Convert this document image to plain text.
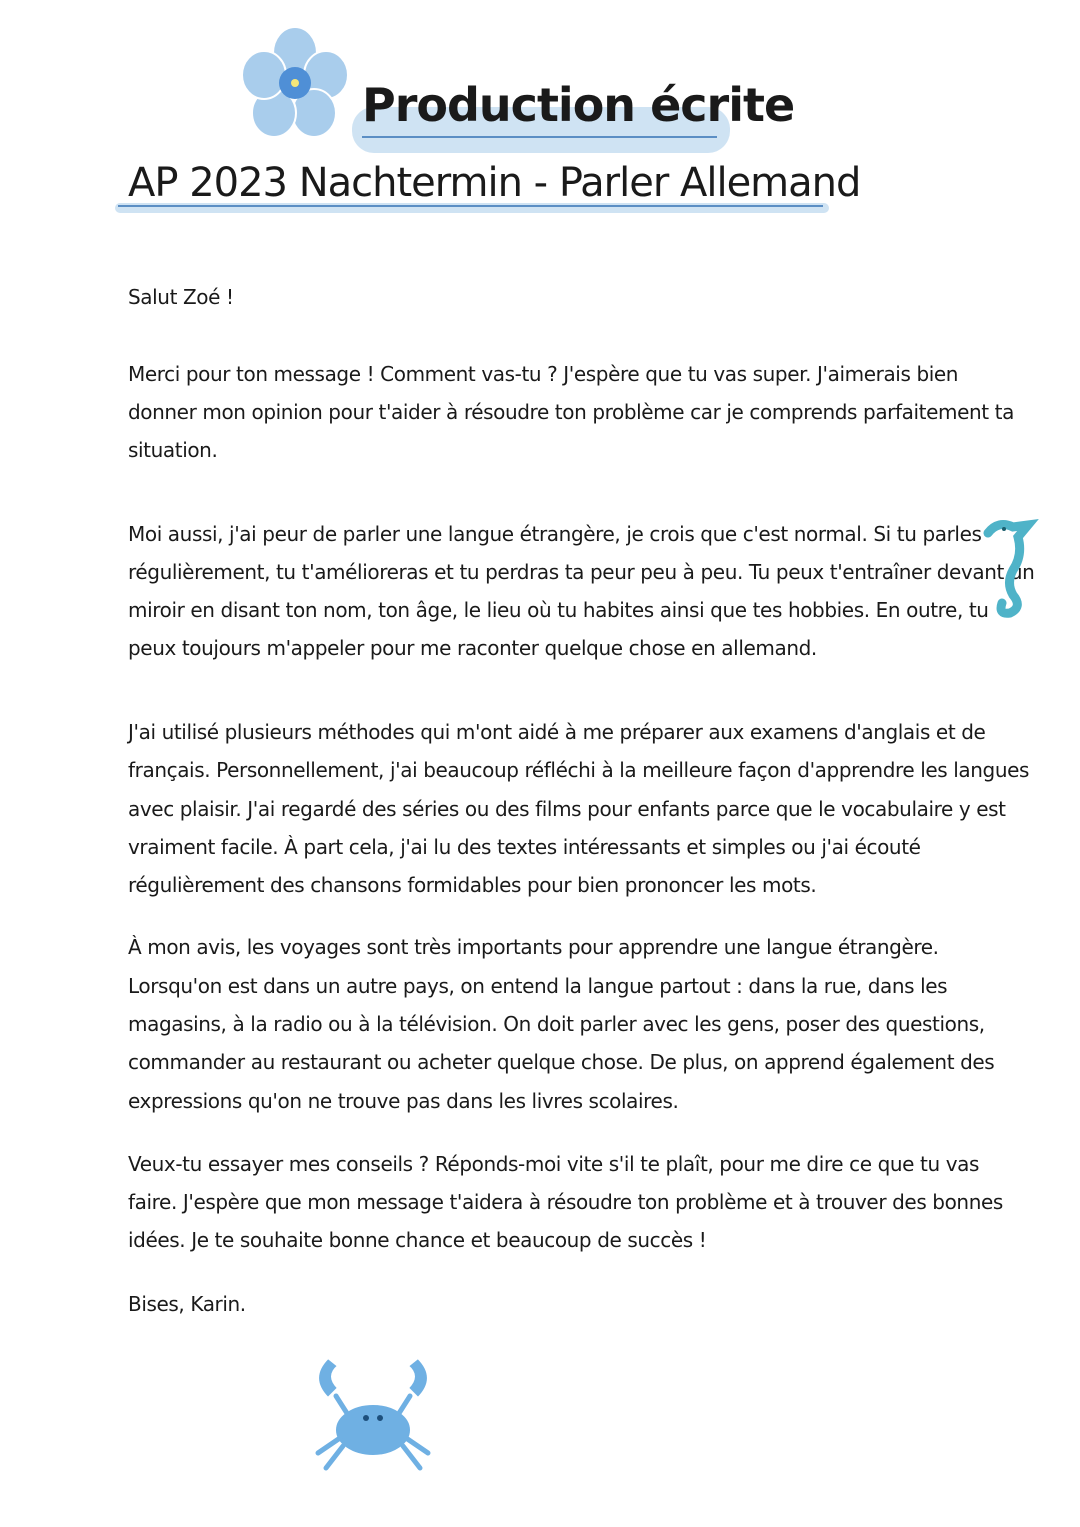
Production écrite
AP 2023 Nachtermin - Parler Allemand
Salut Zoé !
Merci pour ton message ! Comment vas-tu ? J'espère que tu vas super. J'aimerais bien
donner mon opinion pour t'aider à résoudre ton problème car je comprends parfaitement ta
situation.
Moi aussi, j'ai peur de parler une langue étrangère, je crois que c'est normal. Si tu parles
régulièrement, tu t'amélioreras et tu perdras ta peur peu à peu. Tu peux t'entraîner devant un
miroir en disant ton nom, ton âge, le lieu où tu habites ainsi que tes hobbies. En outre, tu
peux toujours m'appeler pour me raconter quelque chose en allemand.
J'ai utilisé plusieurs méthodes qui m'ont aidé à me préparer aux examens d'anglais et de
français. Personnellement, j'ai beaucoup réfléchi à la meilleure façon d'apprendre les langues
avec plaisir. J'ai regardé des séries ou des films pour enfants parce que le vocabulaire y est
vraiment facile. À part cela, j'ai lu des textes intéressants et simples ou j'ai écouté
régulièrement des chansons formidables pour bien prononcer les mots.
À mon avis, les voyages sont très importants pour apprendre une langue étrangère.
Lorsqu'on est dans un autre pays, on entend la langue partout : dans la rue, dans les
magasins, à la radio ou à la télévision. On doit parler avec les gens, poser des questions,
commander au restaurant ou acheter quelque chose. De plus, on apprend également des
expressions qu'on ne trouve pas dans les livres scolaires.
Veux-tu essayer mes conseils ? Réponds-moi vite s'il te plaît, pour me dire ce que tu vas
faire. J'espère que mon message t'aidera à résoudre ton problème et à trouver des bonnes
idées. Je te souhaite bonne chance et beaucoup de succès !
Bises, Karin.
